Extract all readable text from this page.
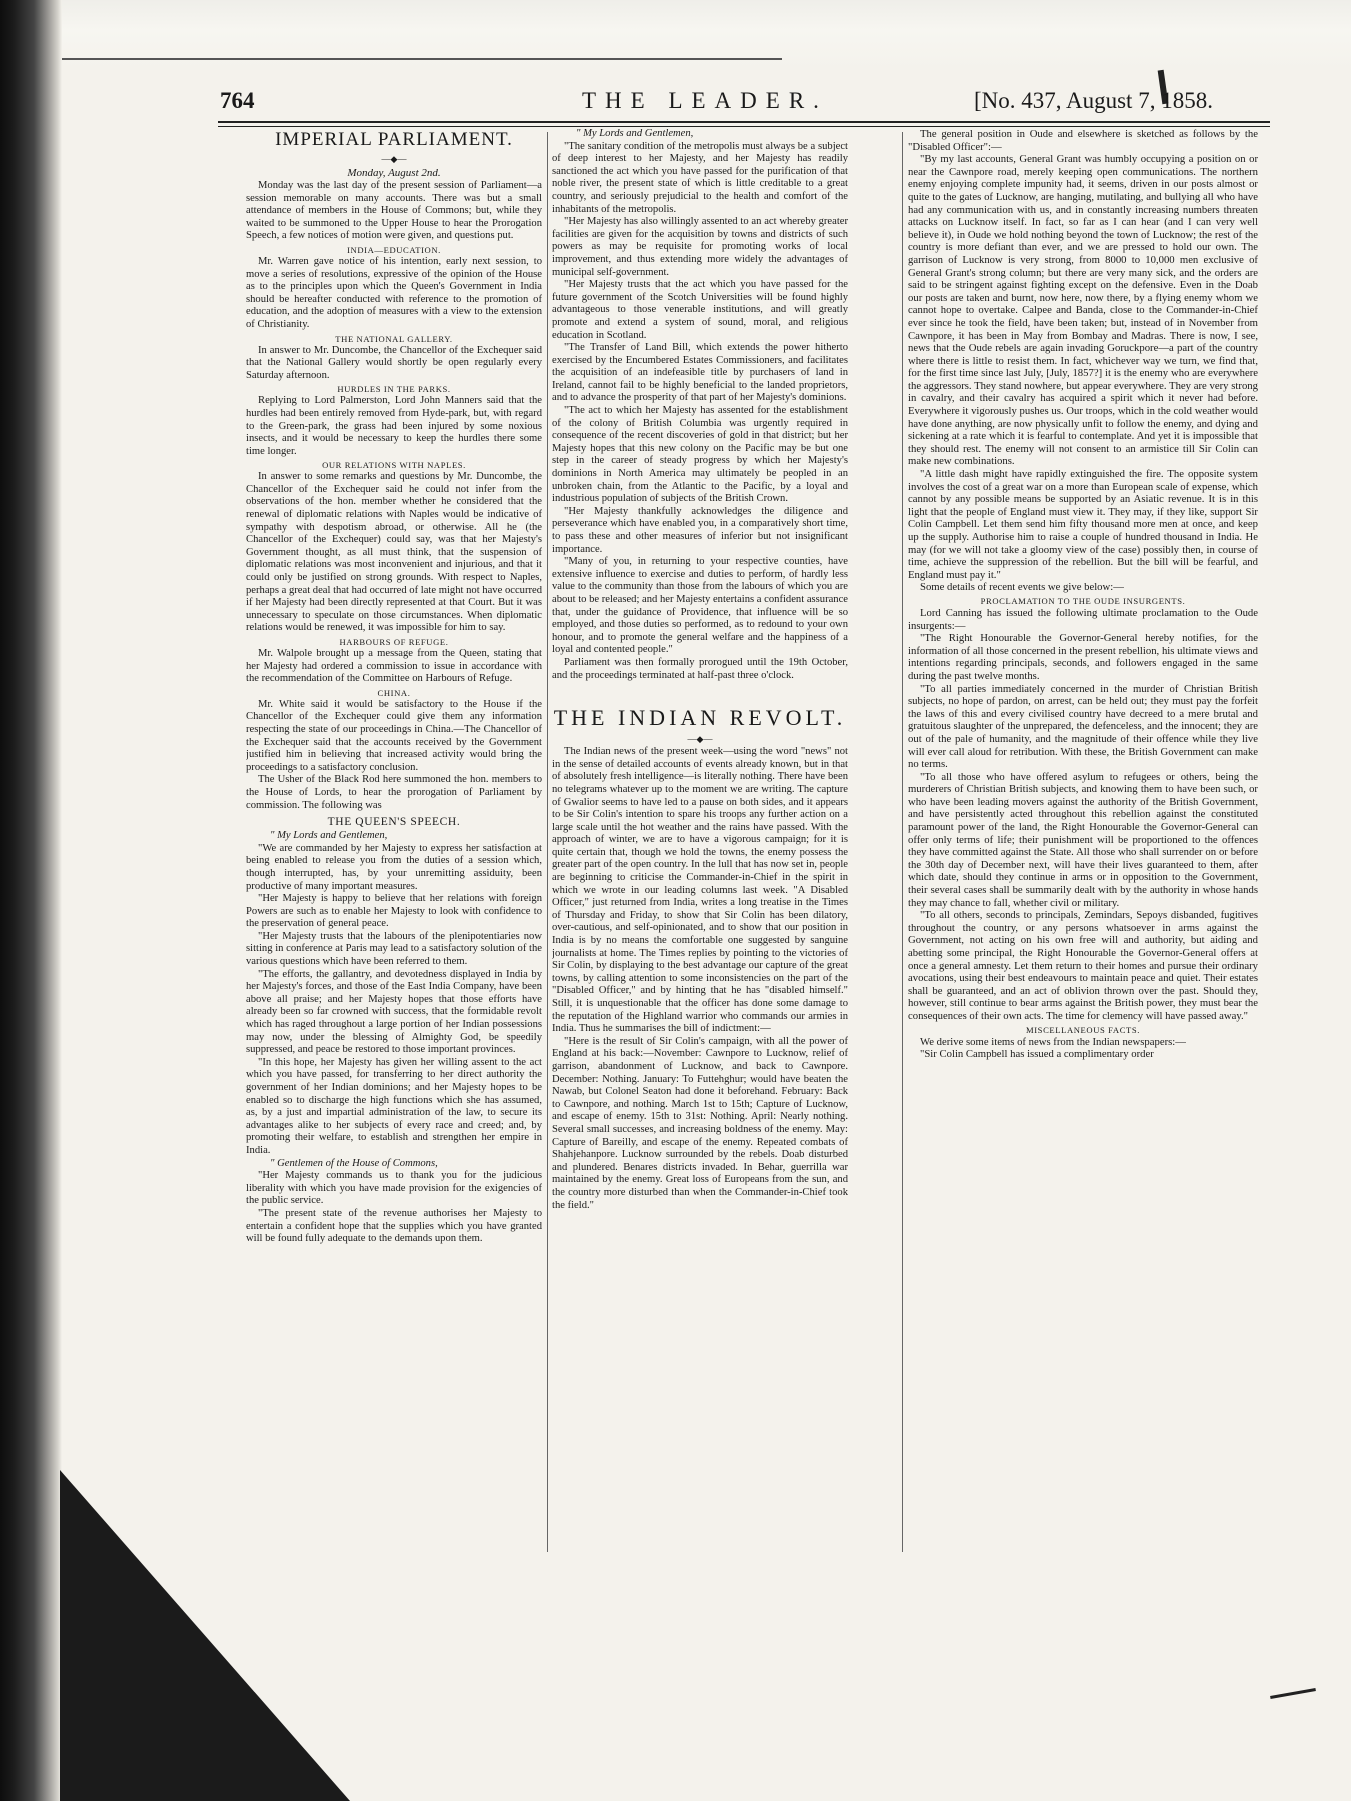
764	THE LEADER.	[No. 437, August 7, 1858.
IMPERIAL PARLIAMENT.
—◆—
Monday, August 2nd.

Monday was the last day of the present session of Parliament—a session memorable on many accounts. There was but a small attendance of members in the House of Commons; but, while they waited to be summoned to the Upper House to hear the Prorogation Speech, a few notices of motion were given, and questions put.

INDIA—EDUCATION.

Mr. Warren gave notice of his intention, early next session, to move a series of resolutions, expressive of the opinion of the House as to the principles upon which the Queen's Government in India should be hereafter conducted with reference to the promotion of education, and the adoption of measures with a view to the extension of Christianity.

THE NATIONAL GALLERY.

In answer to Mr. Duncombe, the Chancellor of the Exchequer said that the National Gallery would shortly be open regularly every Saturday afternoon.

HURDLES IN THE PARKS.

Replying to Lord Palmerston, Lord John Manners said that the hurdles had been entirely removed from Hyde-park, but, with regard to the Green-park, the grass had been injured by some noxious insects, and it would be necessary to keep the hurdles there some time longer.

OUR RELATIONS WITH NAPLES.

In answer to some remarks and questions by Mr. Duncombe, the Chancellor of the Exchequer said he could not infer from the observations of the hon. member whether he considered that the renewal of diplomatic relations with Naples would be indicative of sympathy with despotism abroad, or otherwise. All he (the Chancellor of the Exchequer) could say, was that her Majesty's Government thought, as all must think, that the suspension of diplomatic relations was most inconvenient and injurious, and that it could only be justified on strong grounds. With respect to Naples, perhaps a great deal that had occurred of late might not have occurred if her Majesty had been directly represented at that Court. But it was unnecessary to speculate on those circumstances. When diplomatic relations would be renewed, it was impossible for him to say.

HARBOURS OF REFUGE.

Mr. Walpole brought up a message from the Queen, stating that her Majesty had ordered a commission to issue in accordance with the recommendation of the Committee on Harbours of Refuge.

CHINA.

Mr. White said it would be satisfactory to the House if the Chancellor of the Exchequer could give them any information respecting the state of our proceedings in China.—The Chancellor of the Exchequer said that the accounts received by the Government justified him in believing that increased activity would bring the proceedings to a satisfactory conclusion.

The Usher of the Black Rod here summoned the hon. members to the House of Lords, to hear the prorogation of Parliament by commission. The following was

THE QUEEN'S SPEECH.

" My Lords and Gentlemen,

"We are commanded by her Majesty to express her satisfaction at being enabled to release you from the duties of a session which, though interrupted, has, by your unremitting assiduity, been productive of many important measures.

"Her Majesty is happy to believe that her relations with foreign Powers are such as to enable her Majesty to look with confidence to the preservation of general peace.

"Her Majesty trusts that the labours of the plenipotentiaries now sitting in conference at Paris may lead to a satisfactory solution of the various questions which have been referred to them.

"The efforts, the gallantry, and devotedness displayed in India by her Majesty's forces, and those of the East India Company, have been above all praise; and her Majesty hopes that those efforts have already been so far crowned with success, that the formidable revolt which has raged throughout a large portion of her Indian possessions may now, under the blessing of Almighty God, be speedily suppressed, and peace be restored to those important provinces.

"In this hope, her Majesty has given her willing assent to the act which you have passed, for transferring to her direct authority the government of her Indian dominions; and her Majesty hopes to be enabled so to discharge the high functions which she has assumed, as, by a just and impartial administration of the law, to secure its advantages alike to her subjects of every race and creed; and, by promoting their welfare, to establish and strengthen her empire in India.

" Gentlemen of the House of Commons,

"Her Majesty commands us to thank you for the judicious liberality with which you have made provision for the exigencies of the public service.

"The present state of the revenue authorises her Majesty to entertain a confident hope that the supplies which you have granted will be found fully adequate to the demands upon them.

" My Lords and Gentlemen,

"The sanitary condition of the metropolis must always be a subject of deep interest to her Majesty, and her Majesty has readily sanctioned the act which you have passed for the purification of that noble river, the present state of which is little creditable to a great country, and seriously prejudicial to the health and comfort of the inhabitants of the metropolis.

"Her Majesty has also willingly assented to an act whereby greater facilities are given for the acquisition by towns and districts of such powers as may be requisite for promoting works of local improvement, and thus extending more widely the advantages of municipal self-government.

"Her Majesty trusts that the act which you have passed for the future government of the Scotch Universities will be found highly advantageous to those venerable institutions, and will greatly promote and extend a system of sound, moral, and religious education in Scotland.

"The Transfer of Land Bill, which extends the power hitherto exercised by the Encumbered Estates Commissioners, and facilitates the acquisition of an indefeasible title by purchasers of land in Ireland, cannot fail to be highly beneficial to the landed proprietors, and to advance the prosperity of that part of her Majesty's dominions.

"The act to which her Majesty has assented for the establishment of the colony of British Columbia was urgently required in consequence of the recent discoveries of gold in that district; but her Majesty hopes that this new colony on the Pacific may be but one step in the career of steady progress by which her Majesty's dominions in North America may ultimately be peopled in an unbroken chain, from the Atlantic to the Pacific, by a loyal and industrious population of subjects of the British Crown.

"Her Majesty thankfully acknowledges the diligence and perseverance which have enabled you, in a comparatively short time, to pass these and other measures of inferior but not insignificant importance.

"Many of you, in returning to your respective counties, have extensive influence to exercise and duties to perform, of hardly less value to the community than those from the labours of which you are about to be released; and her Majesty entertains a confident assurance that, under the guidance of Providence, that influence will be so employed, and those duties so performed, as to redound to your own honour, and to promote the general welfare and the happiness of a loyal and contented people."

Parliament was then formally prorogued until the 19th October, and the proceedings terminated at half-past three o'clock.

THE INDIAN REVOLT.
—◆—

The Indian news of the present week—using the word "news" not in the sense of detailed accounts of events already known, but in that of absolutely fresh intelligence—is literally nothing. There have been no telegrams whatever up to the moment we are writing. The capture of Gwalior seems to have led to a pause on both sides, and it appears to be Sir Colin's intention to spare his troops any further action on a large scale until the hot weather and the rains have passed. With the approach of winter, we are to have a vigorous campaign; for it is quite certain that, though we hold the towns, the enemy possess the greater part of the open country. In the lull that has now set in, people are beginning to criticise the Commander-in-Chief in the spirit in which we wrote in our leading columns last week. "A Disabled Officer," just returned from India, writes a long treatise in the Times of Thursday and Friday, to show that Sir Colin has been dilatory, over-cautious, and self-opinionated, and to show that our position in India is by no means the comfortable one suggested by sanguine journalists at home. The Times replies by pointing to the victories of Sir Colin, by displaying to the best advantage our capture of the great towns, by calling attention to some inconsistencies on the part of the "Disabled Officer," and by hinting that he has "disabled himself." Still, it is unquestionable that the officer has done some damage to the reputation of the Highland warrior who commands our armies in India. Thus he summarises the bill of indictment:—

"Here is the result of Sir Colin's campaign, with all the power of England at his back:—November: Cawnpore to Lucknow, relief of garrison, abandonment of Lucknow, and back to Cawnpore. December: Nothing. January: To Futtehghur; would have beaten the Nawab, but Colonel Seaton had done it beforehand. February: Back to Cawnpore, and nothing. March 1st to 15th; Capture of Lucknow, and escape of enemy. 15th to 31st: Nothing. April: Nearly nothing. Several small successes, and increasing boldness of the enemy. May: Capture of Bareilly, and escape of the enemy. Repeated combats of Shahjehanpore. Lucknow surrounded by the rebels. Doab disturbed and plundered. Benares districts invaded. In Behar, guerrilla war maintained by the enemy. Great loss of Europeans from the sun, and the country more disturbed than when the Commander-in-Chief took the field."

The general position in Oude and elsewhere is sketched as follows by the "Disabled Officer":—

"By my last accounts, General Grant was humbly occupying a position on or near the Cawnpore road, merely keeping open communications. The northern enemy enjoying complete impunity had, it seems, driven in our posts almost or quite to the gates of Lucknow, are hanging, mutilating, and bullying all who have had any communication with us, and in constantly increasing numbers threaten attacks on Lucknow itself. In fact, so far as I can hear (and I can very well believe it), in Oude we hold nothing beyond the town of Lucknow; the rest of the country is more defiant than ever, and we are pressed to hold our own. The garrison of Lucknow is very strong, from 8000 to 10,000 men exclusive of General Grant's strong column; but there are very many sick, and the orders are said to be stringent against fighting except on the defensive. Even in the Doab our posts are taken and burnt, now here, now there, by a flying enemy whom we cannot hope to overtake. Calpee and Banda, close to the Commander-in-Chief ever since he took the field, have been taken; but, instead of in November from Cawnpore, it has been in May from Bombay and Madras. There is now, I see, news that the Oude rebels are again invading Goruckpore—a part of the country where there is little to resist them. In fact, whichever way we turn, we find that, for the first time since last July, [July, 1857?] it is the enemy who are everywhere the aggressors. They stand nowhere, but appear everywhere. They are very strong in cavalry, and their cavalry has acquired a spirit which it never had before. Everywhere it vigorously pushes us. Our troops, which in the cold weather would have done anything, are now physically unfit to follow the enemy, and dying and sickening at a rate which it is fearful to contemplate. And yet it is impossible that they should rest. The enemy will not consent to an armistice till Sir Colin can make new combinations.

"A little dash might have rapidly extinguished the fire. The opposite system involves the cost of a great war on a more than European scale of expense, which cannot by any possible means be supported by an Asiatic revenue. It is in this light that the people of England must view it. They may, if they like, support Sir Colin Campbell. Let them send him fifty thousand more men at once, and keep up the supply. Authorise him to raise a couple of hundred thousand in India. He may (for we will not take a gloomy view of the case) possibly then, in course of time, achieve the suppression of the rebellion. But the bill will be fearful, and England must pay it."

Some details of recent events we give below:—

PROCLAMATION TO THE OUDE INSURGENTS.

Lord Canning has issued the following ultimate proclamation to the Oude insurgents:—

"The Right Honourable the Governor-General hereby notifies, for the information of all those concerned in the present rebellion, his ultimate views and intentions regarding principals, seconds, and followers engaged in the same during the past twelve months.

"To all parties immediately concerned in the murder of Christian British subjects, no hope of pardon, on arrest, can be held out; they must pay the forfeit the laws of this and every civilised country have decreed to a mere brutal and gratuitous slaughter of the unprepared, the defenceless, and the innocent; they are out of the pale of humanity, and the magnitude of their offence while they live will ever call aloud for retribution. With these, the British Government can make no terms.

"To all those who have offered asylum to refugees or others, being the murderers of Christian British subjects, and knowing them to have been such, or who have been leading movers against the authority of the British Government, and have persistently acted throughout this rebellion against the constituted paramount power of the land, the Right Honourable the Governor-General can offer only terms of life; their punishment will be proportioned to the offences they have committed against the State. All those who shall surrender on or before the 30th day of December next, will have their lives guaranteed to them, after which date, should they continue in arms or in opposition to the Government, their several cases shall be summarily dealt with by the authority in whose hands they may chance to fall, whether civil or military.

"To all others, seconds to principals, Zemindars, Sepoys disbanded, fugitives throughout the country, or any persons whatsoever in arms against the Government, not acting on his own free will and authority, but aiding and abetting some principal, the Right Honourable the Governor-General offers at once a general amnesty. Let them return to their homes and pursue their ordinary avocations, using their best endeavours to maintain peace and quiet. Their estates shall be guaranteed, and an act of oblivion thrown over the past. Should they, however, still continue to bear arms against the British power, they must bear the consequences of their own acts. The time for clemency will have passed away."

MISCELLANEOUS FACTS.

We derive some items of news from the Indian newspapers:—

"Sir Colin Campbell has issued a complimentary order
